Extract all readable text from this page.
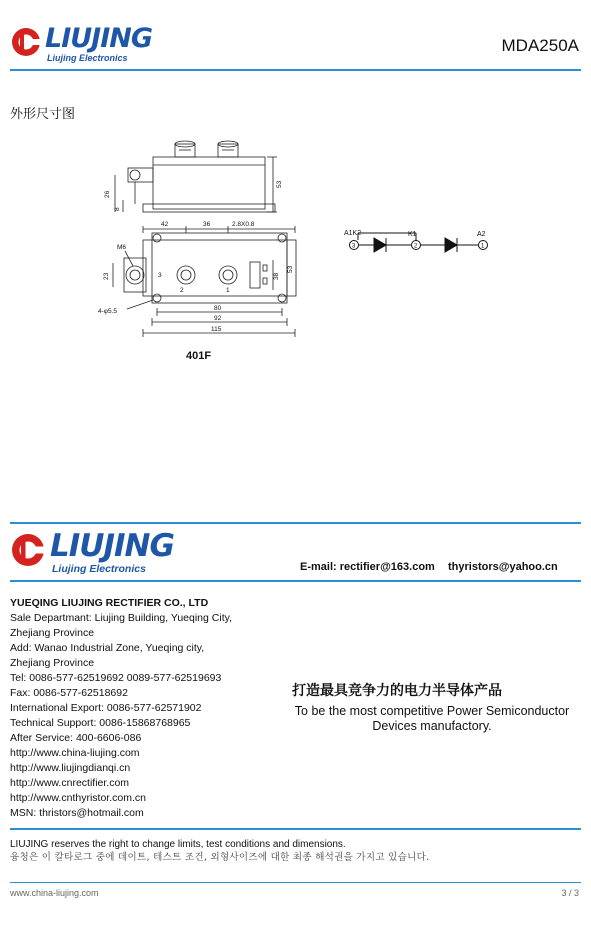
LIUJING
Liujing Electronics
MDA250A
外形尺寸图
26
8
53
42	36	2.8X0.8
M6
23	38
53
4-φ5.5	80
92
115
3
2	1
401F
A1K2	K1	A2
3	2	1
LIUJING
Liujing Electronics	E-mail: rectifier@163.com thyristors@yahoo.cn
YUEQING LIUJING RECTIFIER CO., LTD
Sale Departmant: Liujing Building, Yueqing City,
Zhejiang Province
Add: Wanao Industrial Zone, Yueqing city,
Zhejiang Province
Tel: 0086-577-62519692 0089-577-62519693
Fax: 0086-577-62518692
International Export: 0086-577-62571902
Technical Support: 0086-15868768965
After Service: 400-6606-086
http://www.china-liujing.com
http://www.liujingdianqi.cn
http://www.cnrectifier.com
http://www.cnthyristor.com.cn
MSN: thristors@hotmail.com
打造最具竞争力的电力半导体产品
To be the most competitive Power Semiconductor
Devices manufactory.
LIUJING reserves the right to change limits, test conditions and dimensions.
융청은 이 칼타로그 중에 데이트, 테스트 조건, 외형사이즈에 대한 최종 해석권을 가지고 있습니다.
www.china-liujing.com	3 / 3
